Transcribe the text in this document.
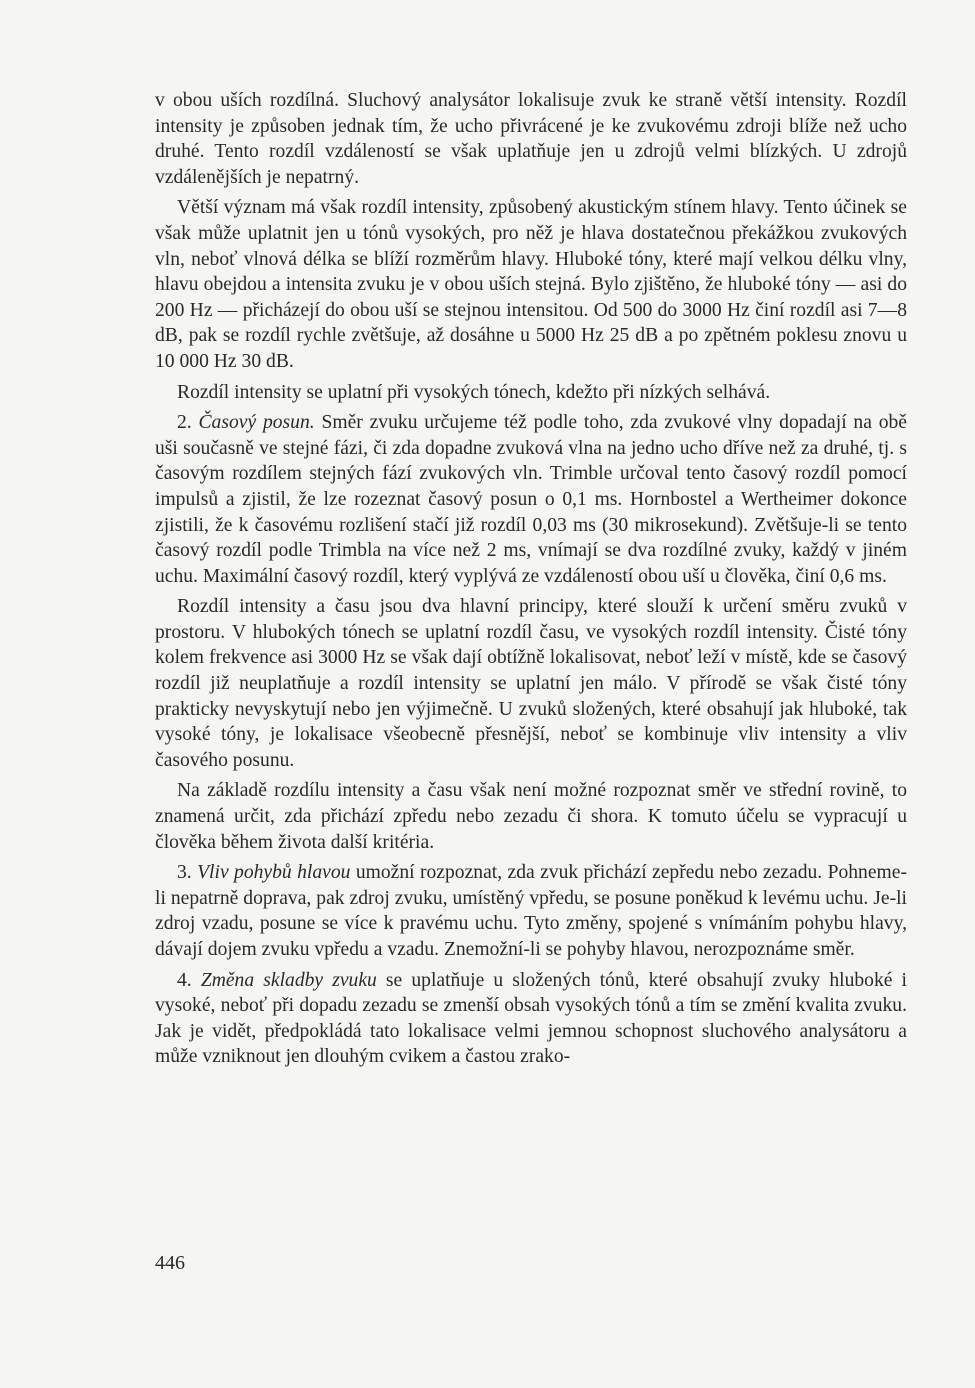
v obou uších rozdílná. Sluchový analysátor lokalisuje zvuk ke straně větší intensity. Rozdíl intensity je způsoben jednak tím, že ucho přivrácené je ke zvukovému zdroji blíže než ucho druhé. Tento rozdíl vzdáleností se však uplatňuje jen u zdrojů velmi blízkých. U zdrojů vzdálenějších je nepatrný.

Větší význam má však rozdíl intensity, způsobený akustickým stínem hlavy. Tento účinek se však může uplatnit jen u tónů vysokých, pro něž je hlava dostatečnou překážkou zvukových vln, neboť vlnová délka se blíží rozměrům hlavy. Hluboké tóny, které mají velkou délku vlny, hlavu obejdou a intensita zvuku je v obou uších stejná. Bylo zjištěno, že hluboké tóny — asi do 200 Hz — přicházejí do obou uší se stejnou intensitou. Od 500 do 3000 Hz činí rozdíl asi 7—8 dB, pak se rozdíl rychle zvětšuje, až dosáhne u 5000 Hz 25 dB a po zpětném poklesu znovu u 10 000 Hz 30 dB.

Rozdíl intensity se uplatní při vysokých tónech, kdežto při nízkých selhává.

2. Časový posun. Směr zvuku určujeme též podle toho, zda zvukové vlny dopadají na obě uši současně ve stejné fázi, či zda dopadne zvuková vlna na jedno ucho dříve než za druhé, tj. s časovým rozdílem stejných fází zvukových vln. Trimble určoval tento časový rozdíl pomocí impulsů a zjistil, že lze rozeznat časový posun o 0,1 ms. Hornbostel a Wertheimer dokonce zjistili, že k časovému rozlišení stačí již rozdíl 0,03 ms (30 mikrosekund). Zvětšuje-li se tento časový rozdíl podle Trimbla na více než 2 ms, vnímají se dva rozdílné zvuky, každý v jiném uchu. Maximální časový rozdíl, který vyplývá ze vzdáleností obou uší u člověka, činí 0,6 ms.

Rozdíl intensity a času jsou dva hlavní principy, které slouží k určení směru zvuků v prostoru. V hlubokých tónech se uplatní rozdíl času, ve vysokých rozdíl intensity. Čisté tóny kolem frekvence asi 3000 Hz se však dají obtížně lokalisovat, neboť leží v místě, kde se časový rozdíl již neuplatňuje a rozdíl intensity se uplatní jen málo. V přírodě se však čisté tóny prakticky nevyskytují nebo jen výjimečně. U zvuků složených, které obsahují jak hluboké, tak vysoké tóny, je lokalisace všeobecně přesnější, neboť se kombinuje vliv intensity a vliv časového posunu.

Na základě rozdílu intensity a času však není možné rozpoznat směr ve střední rovině, to znamená určit, zda přichází zpředu nebo zezadu či shora. K tomuto účelu se vypracují u člověka během života další kritéria.

3. Vliv pohybů hlavou umožní rozpoznat, zda zvuk přichází zepředu nebo zezadu. Pohneme-li nepatrně doprava, pak zdroj zvuku, umístěný vpředu, se posune poněkud k levému uchu. Je-li zdroj vzadu, posune se více k pravému uchu. Tyto změny, spojené s vnímáním pohybu hlavy, dávají dojem zvuku vpředu a vzadu. Znemožní-li se pohyby hlavou, nerozpoznáme směr.

4. Změna skladby zvuku se uplatňuje u složených tónů, které obsahují zvuky hluboké i vysoké, neboť při dopadu zezadu se zmenší obsah vysokých tónů a tím se změní kvalita zvuku. Jak je vidět, předpokládá tato lokalisace velmi jemnou schopnost sluchového analysátoru a může vzniknout jen dlouhým cvikem a častou zrako-

446
